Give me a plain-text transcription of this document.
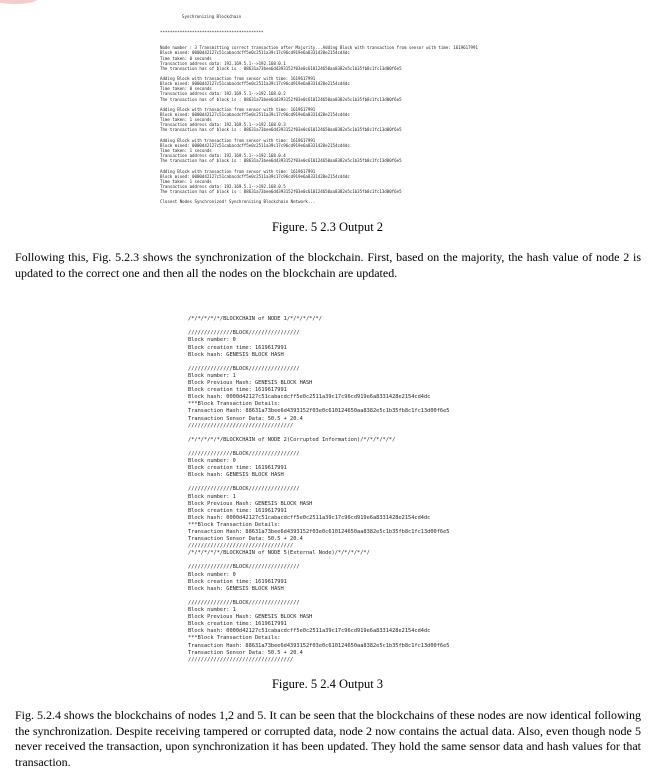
Synchronizing Blockchain

******************************************

Node number : 3 Transmitting correct transaction after Majority...Adding Block with transaction from sensor with time: 1619617991
Block mined: 0000d42127c51cabacdcff5e0c2511a39c17c96cd919e6a8331428e2154cd4dc
Time taken: 0 seconds
Transaction address data: 192.169.5.1-->192.168.0.1
The transaction has of block is : 88631a73bee6d4393152f03e0c610124650aa8382e5c1b35fb8c1fc13d00f6e5
Adding Block with transaction from sensor with time: 1619617991
Block mined: 0000d42127c51cabacdcff5e0c2511a39c17c96cd919e6a8331428e2154cd4dc
Time taken: 0 seconds
Transaction address data: 192.169.5.1-->192.168.0.2
The transaction has of block is : 88631a73bee6d4393152f03e0c610124650aa8382e5c1b35fb8c1fc13d00f6e5
Adding Block with transaction from sensor with time: 1619617991
Block mined: 0000d42127c51cabacdcff5e0c2511a39c17c96cd919e6a8331428e2154cd4dc
Time taken: 1 seconds
Transaction address data: 192.169.5.1-->192.168.0.3
The transaction has of block is : 88631a73bee6d4393152f03e0c610124650aa8382e5c1b35fb8c1fc13d00f6e5
Adding Block with transaction from sensor with time: 1619617991
Block mined: 0000d42127c51cabacdcff5e0c2511a39c17c96cd919e6a8331428e2154cd4dc
Time taken: 1 seconds
Transaction address data: 192.169.5.1-->192.168.0.4
The transaction has of block is : 88631a73bee6d4393152f03e0c610124650aa8382e5c1b35fb8c1fc13d00f6e5
Adding Block with transaction from sensor with time: 1619617991
Block mined: 0000d42127c51cabacdcff5e0c2511a39c17c96cd919e6a8331428e2154cd4dc
Time taken: 1 seconds
Transaction address data: 192.169.5.1-->192.168.0.5
The transaction has of block is : 88631a73bee6d4393152f03e0c610124650aa8382e5c1b35fb8c1fc13d00f6e5
Closest Nodes Synchronized! Synchronizing Blockchain Network...

Figure. 5 2.3 Output 2
Following this, Fig. 5.2.3 shows the synchronization of the blockchain. First, based on the majority, the hash value of node 2 is updated to the correct one and then all the nodes on the blockchain are updated.

/*/*/*/*/*/BLOCKCHAIN of NODE 1/*/*/*/*/*/
//////////////BLOCK////////////////
Block number: 0
Block creation time: 1619617991
Block hash: GENESIS BLOCK HASH
//////////////BLOCK////////////////
Block number: 1
Block Previous Hash: GENESIS BLOCK HASH
Block creation time: 1619617991
Block hash: 0000d42127c51cabacdcff5e0c2511a39c17c96cd919e6a8331428e2154cd4dc
***Block Transaction Details:
Transaction Hash: 88631a73bee6d4393152f03e0c610124650aa8382e5c1b35fb8c1fc13d00f6e5
Transaction Sensor Data: 50.5 + 20.4
/////////////////////////////////
/*/*/*/*/*/BLOCKCHAIN of NODE 2(Corrupted Information)/*/*/*/*/*/
//////////////BLOCK////////////////
Block number: 0
Block creation time: 1619617991
Block hash: GENESIS BLOCK HASH
//////////////BLOCK////////////////
Block number: 1
Block Previous Hash: GENESIS BLOCK HASH
Block creation time: 1619617991
Block hash: 0000d42127c51cabacdcff5e0c2511a39c17c96cd919e6a8331428e2154cd4dc
***Block Transaction Details:
Transaction Hash: 88631a73bee6d4393152f03e0c610124650aa8382e5c1b35fb8c1fc13d00f6e5
Transaction Sensor Data: 50.5 + 20.4
/////////////////////////////////
/*/*/*/*/*/BLOCKCHAIN of NODE 5(External Node)/*/*/*/*/*/
//////////////BLOCK////////////////
Block number: 0
Block creation time: 1619617991
Block hash: GENESIS BLOCK HASH
//////////////BLOCK////////////////
Block number: 1
Block Previous Hash: GENESIS BLOCK HASH
Block creation time: 1619617991
Block hash: 0000d42127c51cabacdcff5e0c2511a39c17c96cd919e6a8331428e2154cd4dc
***Block Transaction Details:
Transaction Hash: 88631a73bee6d4393152f03e0c610124650aa8382e5c1b35fb8c1fc13d00f6e5
Transaction Sensor Data: 50.5 + 20.4
/////////////////////////////////

Figure. 5 2.4 Output 3
Fig. 5.2.4 shows the blockchains of nodes 1,2 and 5. It can be seen that the blockchains of these nodes are now identical following the synchronization. Despite receiving tampered or corrupted data, node 2 now contains the actual data. Also, even though node 5 never received the transaction, upon synchronization it has been updated. They hold the same sensor data and hash values for that transaction.
